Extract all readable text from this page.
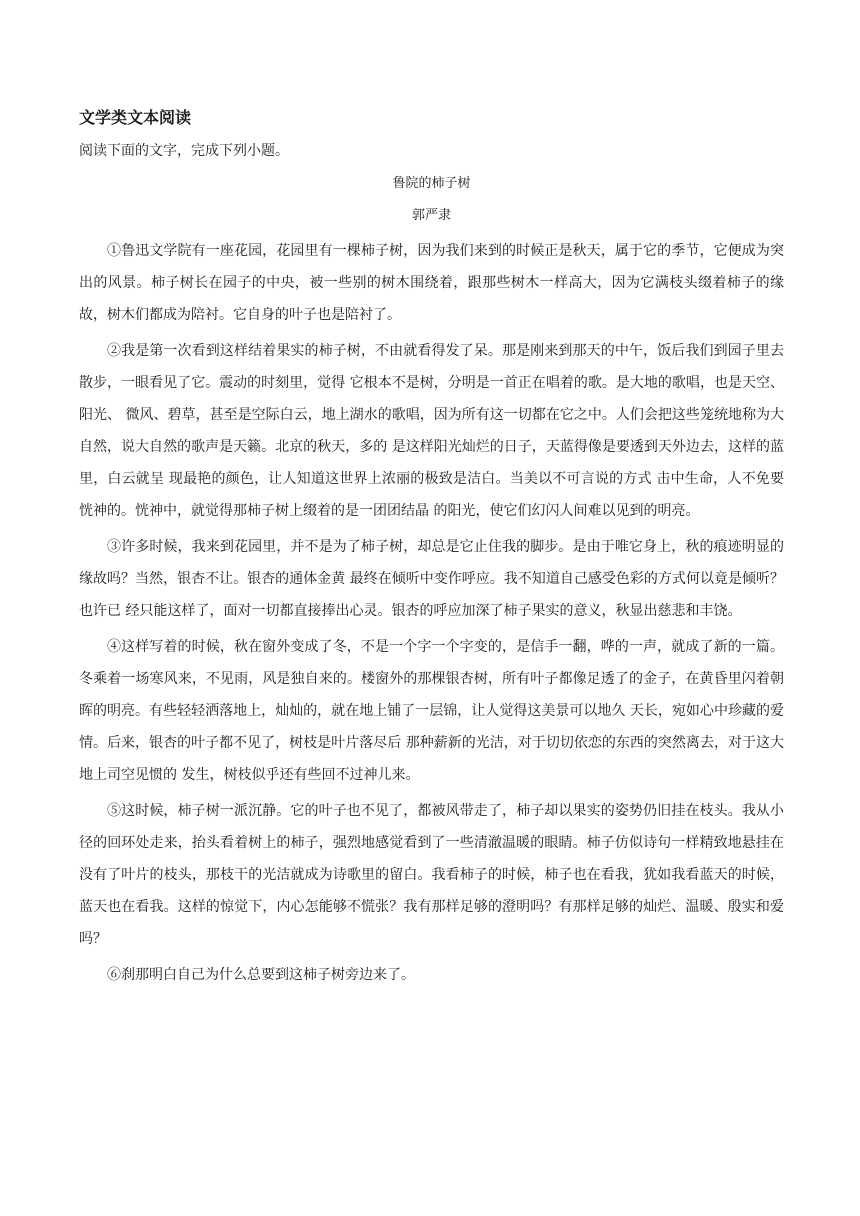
文学类文本阅读

阅读下面的文字，完成下列小题。

鲁院的柿子树

郭严隶

①鲁迅文学院有一座花园，花园里有一棵柿子树，因为我们来到的时候正是秋天，属于它的季节，它便成为突出的风景。柿子树长在园子的中央，被一些别的树木围绕着，跟那些树木一样高大，因为它满枝头缀着柿子的缘故，树木们都成为陪衬。它自身的叶子也是陪衬了。

②我是第一次看到这样结着果实的柿子树，不由就看得发了呆。那是刚来到那天的中午，饭后我们到园子里去散步，一眼看见了它。震动的时刻里，觉得 它根本不是树，分明是一首正在唱着的歌。是大地的歌唱，也是天空、阳光、 微风、碧草，甚至是空际白云，地上湖水的歌唱，因为所有这一切都在它之中。人们会把这些笼统地称为大自然，说大自然的歌声是天籁。北京的秋天，多的 是这样阳光灿烂的日子，天蓝得像是要透到天外边去，这样的蓝里，白云就呈 现最艳的颜色，让人知道这世界上浓丽的极致是洁白。当美以不可言说的方式 击中生命，人不免要恍神的。恍神中，就觉得那柿子树上缀着的是一团团结晶 的阳光，使它们幻闪人间难以见到的明亮。

③许多时候，我来到花园里，并不是为了柿子树，却总是它止住我的脚步。是由于唯它身上，秋的痕迹明显的缘故吗？当然，银杏不让。银杏的通体金黄 最终在倾听中变作呼应。我不知道自己感受色彩的方式何以竟是倾听？也许已 经只能这样了，面对一切都直接捧出心灵。银杏的呼应加深了柿子果实的意义，秋显出慈悲和丰饶。

④这样写着的时候，秋在窗外变成了冬，不是一个字一个字变的，是信手一翻，哗的一声，就成了新的一篇。冬乘着一场寒风来，不见雨，风是独自来的。楼窗外的那棵银杏树，所有叶子都像足透了的金子，在黄昏里闪着朝晖的明亮。有些轻轻洒落地上，灿灿的，就在地上铺了一层锦，让人觉得这美景可以地久 天长，宛如心中珍藏的爱情。后来，银杏的叶子都不见了，树枝是叶片落尽后 那种薪新的光洁，对于切切依恋的东西的突然离去，对于这大地上司空见惯的 发生，树枝似乎还有些回不过神儿来。

⑤这时候，柿子树一派沉静。它的叶子也不见了，都被风带走了，柿子却以果实的姿势仍旧挂在枝头。我从小径的回环处走来，抬头看着树上的柿子，强烈地感觉看到了一些清澈温暖的眼睛。柿子仿似诗句一样精致地悬挂在没有了叶片的枝头，那枝干的光洁就成为诗歌里的留白。我看柿子的时候，柿子也在看我，犹如我看蓝天的时候，蓝天也在看我。这样的惊觉下，内心怎能够不慌张？我有那样足够的澄明吗？有那样足够的灿烂、温暖、殷实和爱吗？

⑥刹那明白自己为什么总要到这柿子树旁边来了。
